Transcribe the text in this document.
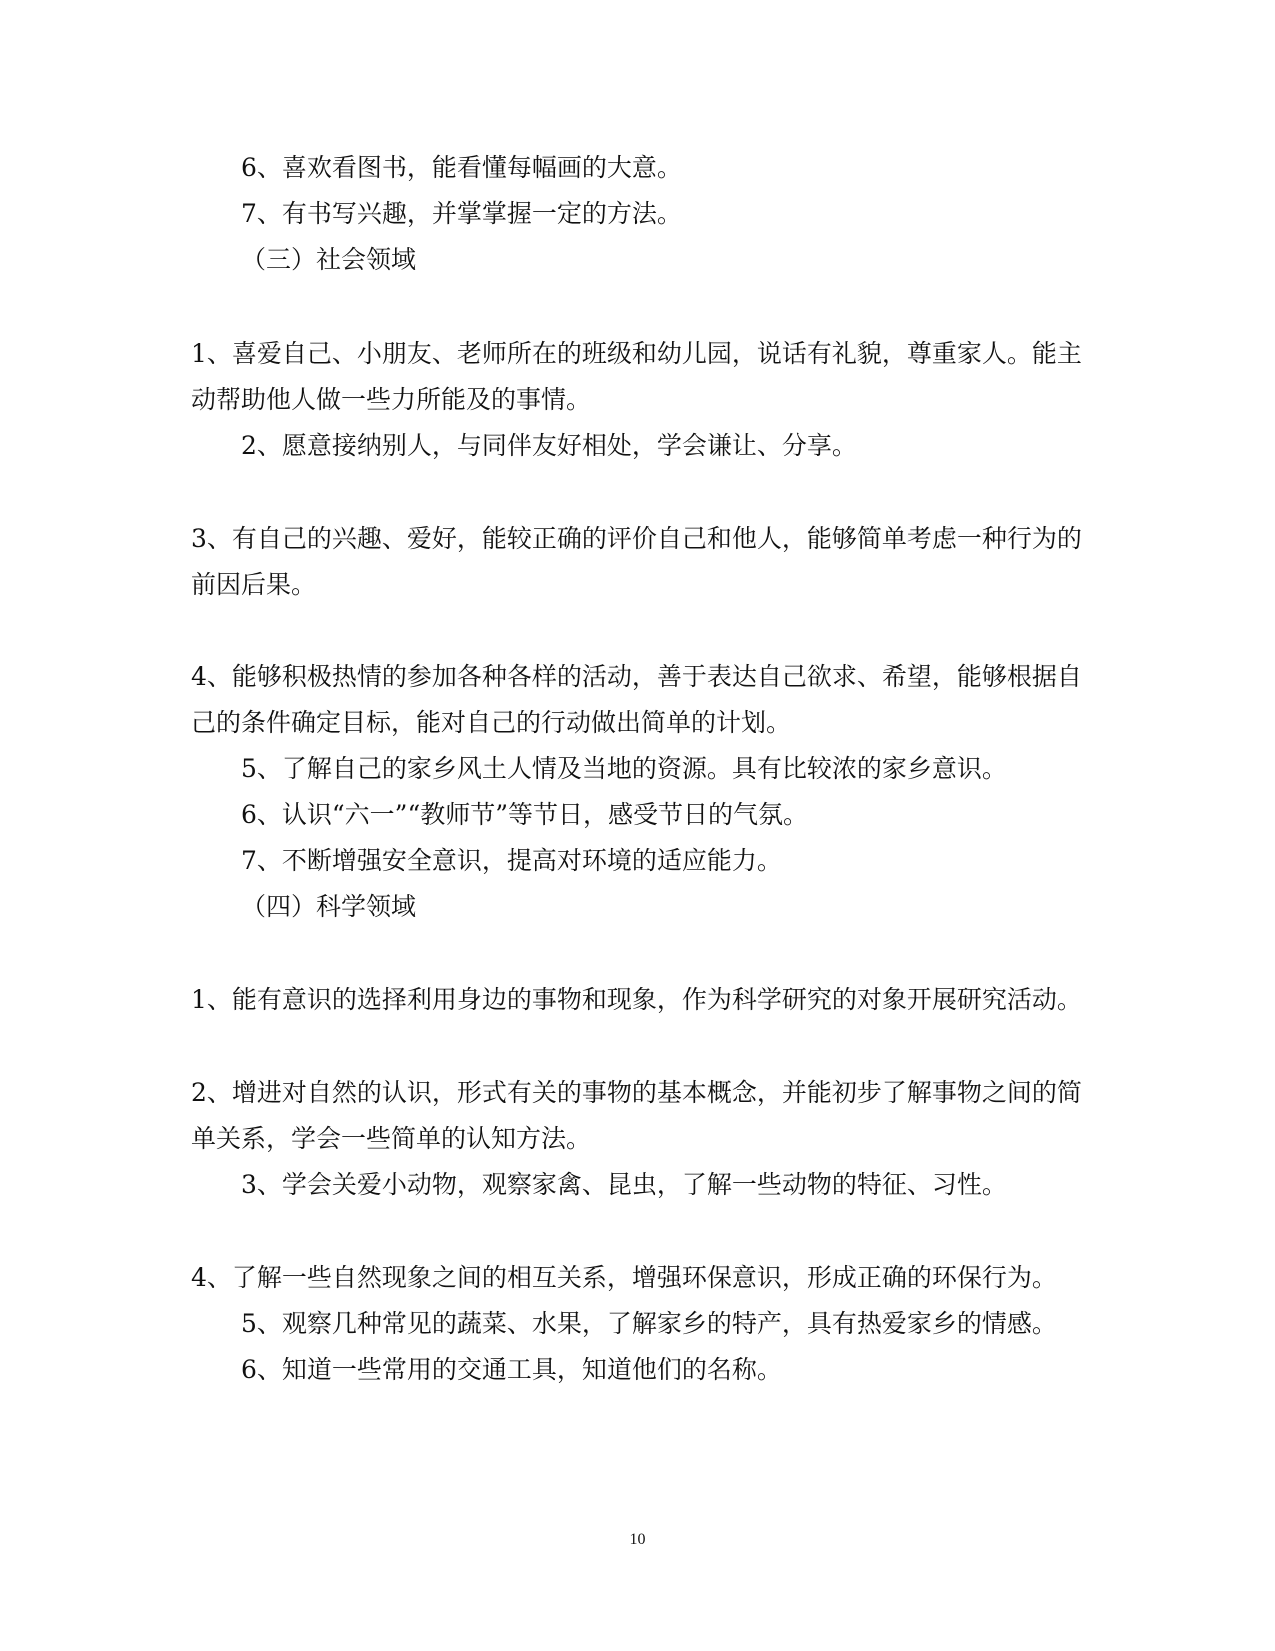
6、喜欢看图书，能看懂每幅画的大意。

7、有书写兴趣，并掌掌握一定的方法。

（三）社会领域

1、喜爱自己、小朋友、老师所在的班级和幼儿园，说话有礼貌，尊重家人。能主

动帮助他人做一些力所能及的事情。

2、愿意接纳别人，与同伴友好相处，学会谦让、分享。

3、有自己的兴趣、爱好，能较正确的评价自己和他人，能够简单考虑一种行为的

前因后果。

4、能够积极热情的参加各种各样的活动，善于表达自己欲求、希望，能够根据自

己的条件确定目标，能对自己的行动做出简单的计划。

5、了解自己的家乡风土人情及当地的资源。具有比较浓的家乡意识。

6、认识“六一”“教师节”等节日，感受节日的气氛。

7、不断增强安全意识，提高对环境的适应能力。

（四）科学领域

1、能有意识的选择利用身边的事物和现象，作为科学研究的对象开展研究活动。

2、增进对自然的认识，形式有关的事物的基本概念，并能初步了解事物之间的简

单关系，学会一些简单的认知方法。

3、学会关爱小动物，观察家禽、昆虫，了解一些动物的特征、习性。

4、了解一些自然现象之间的相互关系，增强环保意识，形成正确的环保行为。

5、观察几种常见的蔬菜、水果，了解家乡的特产，具有热爱家乡的情感。

6、知道一些常用的交通工具，知道他们的名称。

10
